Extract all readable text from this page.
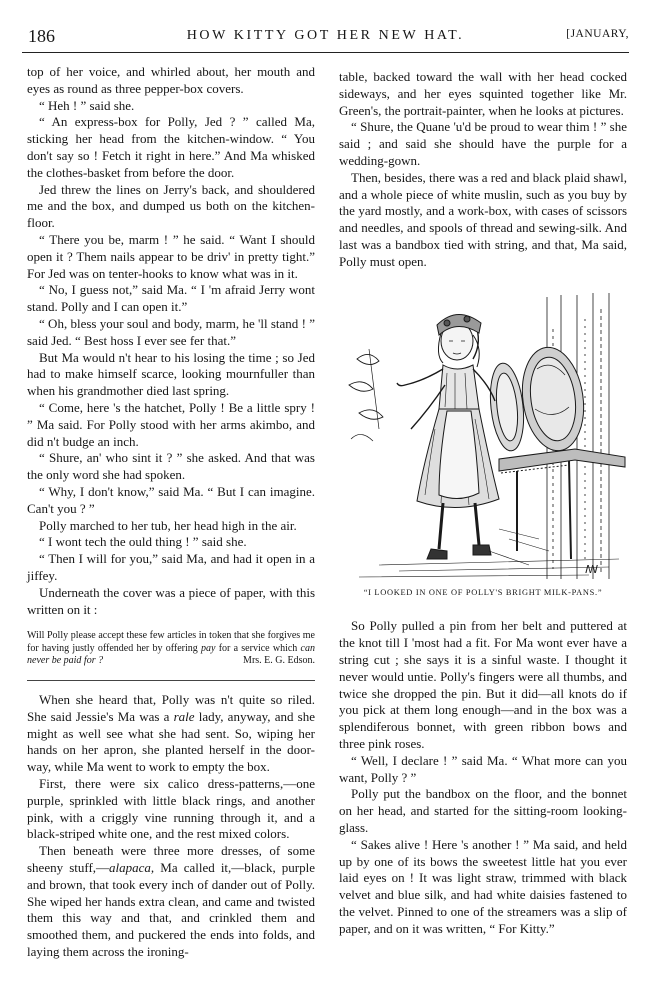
186	HOW KITTY GOT HER NEW HAT.	[JANUARY,

top of her voice, and whirled about, her mouth and eyes as round as three pepper-box covers.

“ Heh ! ” said she.

“ An express-box for Polly, Jed ? ” called Ma, sticking her head from the kitchen-window. “ You don't say so ! Fetch it right in here.” And Ma whisked the clothes-basket from before the door.

Jed threw the lines on Jerry's back, and shouldered me and the box, and dumped us both on the kitchen-floor.

“ There you be, marm ! ” he said. “ Want I should open it ? Them nails appear to be driv' in pretty tight.” For Jed was on tenter-hooks to know what was in it.

“ No, I guess not,” said Ma. “ I 'm afraid Jerry wont stand. Polly and I can open it.”

“ Oh, bless your soul and body, marm, he 'll stand ! ” said Jed. “ Best hoss I ever see fer that.”

But Ma would n't hear to his losing the time ; so Jed had to make himself scarce, looking mournfuller than when his grandmother died last spring.

“ Come, here 's the hatchet, Polly ! Be a little spry ! ” Ma said. For Polly stood with her arms akimbo, and did n't budge an inch.

“ Shure, an' who sint it ? ” she asked. And that was the only word she had spoken.

“ Why, I don't know,” said Ma. “ But I can imagine. Can't you ? ”

Polly marched to her tub, her head high in the air.

“ I wont tech the ould thing ! ” said she.

“ Then I will for you,” said Ma, and had it open in a jiffey.

Underneath the cover was a piece of paper, with this written on it :

Will Polly please accept these few articles in token that she forgives me for having justly offended her by offering pay for a service which can never be paid for ?	Mrs. E. G. Edson.

When she heard that, Polly was n't quite so riled. She said Jessie's Ma was a rale lady, anyway, and she might as well see what she had sent. So, wiping her hands on her apron, she planted herself in the door-way, while Ma went to work to empty the box.

First, there were six calico dress-patterns,—one purple, sprinkled with little black rings, and another pink, with a criggly vine running through it, and a black-striped white one, and the rest mixed colors.

Then beneath were three more dresses, of some sheeny stuff,—alapaca, Ma called it,—black, purple and brown, that took every inch of dander out of Polly. She wiped her hands extra clean, and came and twisted them this way and that, and crinkled them and smoothed them, and puckered the ends into folds, and laying them across the ironing-

table, backed toward the wall with her head cocked sideways, and her eyes squinted together like Mr. Green's, the portrait-painter, when he looks at pictures.

“ Shure, the Quane 'u'd be proud to wear thim ! ” she said ; and said she should have the purple for a wedding-gown.

Then, besides, there was a red and black plaid shawl, and a whole piece of white muslin, such as you buy by the yard mostly, and a work-box, with cases of scissors and needles, and spools of thread and sewing-silk. And last was a bandbox tied with string, and that, Ma said, Polly must open.

ꟿ
“I LOOKED IN ONE OF POLLY'S BRIGHT MILK-PANS.”

So Polly pulled a pin from her belt and puttered at the knot till I 'most had a fit. For Ma wont ever have a string cut ; she says it is a sinful waste. I thought it never would untie. Polly's fingers were all thumbs, and twice she dropped the pin. But it did—all knots do if you pick at them long enough—and in the box was a splendiferous bonnet, with green ribbon bows and three pink roses.

“ Well, I declare ! ” said Ma. “ What more can you want, Polly ? ”

Polly put the bandbox on the floor, and the bonnet on her head, and started for the sitting-room looking-glass.

“ Sakes alive ! Here 's another ! ” Ma said, and held up by one of its bows the sweetest little hat you ever laid eyes on ! It was light straw, trimmed with black velvet and blue silk, and had white daisies fastened to the velvet. Pinned to one of the streamers was a slip of paper, and on it was written, “ For Kitty.”
